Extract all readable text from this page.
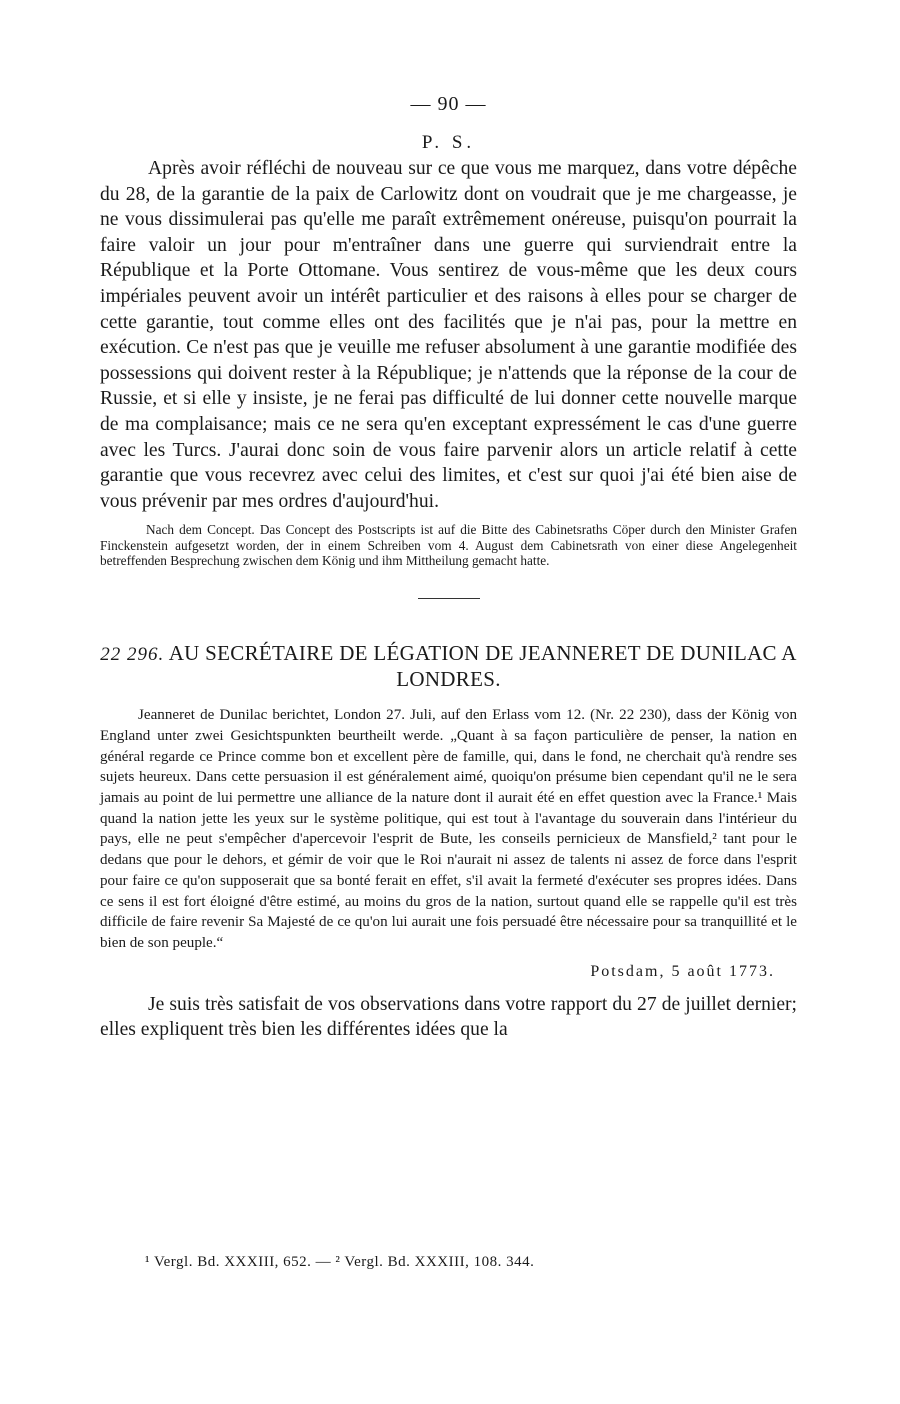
— 90 —
P. S.

Après avoir réfléchi de nouveau sur ce que vous me marquez, dans votre dépêche du 28, de la garantie de la paix de Carlowitz dont on voudrait que je me chargeasse, je ne vous dissimulerai pas qu'elle me paraît extrêmement onéreuse, puisqu'on pourrait la faire valoir un jour pour m'entraîner dans une guerre qui surviendrait entre la République et la Porte Ottomane. Vous sentirez de vous-même que les deux cours impériales peuvent avoir un intérêt particulier et des raisons à elles pour se charger de cette garantie, tout comme elles ont des facilités que je n'ai pas, pour la mettre en exécution. Ce n'est pas que je veuille me refuser absolument à une garantie modifiée des possessions qui doivent rester à la République; je n'attends que la réponse de la cour de Russie, et si elle y insiste, je ne ferai pas difficulté de lui donner cette nouvelle marque de ma complaisance; mais ce ne sera qu'en exceptant expressément le cas d'une guerre avec les Turcs. J'aurai donc soin de vous faire parvenir alors un article relatif à cette garantie que vous recevrez avec celui des limites, et c'est sur quoi j'ai été bien aise de vous prévenir par mes ordres d'aujourd'hui.

Nach dem Concept. Das Concept des Postscripts ist auf die Bitte des Cabinetsraths Cöper durch den Minister Grafen Finckenstein aufgesetzt worden, der in einem Schreiben vom 4. August dem Cabinetsrath von einer diese Angelegenheit betreffenden Besprechung zwischen dem König und ihm Mittheilung gemacht hatte.
22 296. AU SECRÉTAIRE DE LÉGATION DE JEANNERET DE DUNILAC A LONDRES.
Jeanneret de Dunilac berichtet, London 27. Juli, auf den Erlass vom 12. (Nr. 22 230), dass der König von England unter zwei Gesichtspunkten beurtheilt werde. „Quant à sa façon particulière de penser, la nation en général regarde ce Prince comme bon et excellent père de famille, qui, dans le fond, ne cherchait qu'à rendre ses sujets heureux. Dans cette persuasion il est généralement aimé, quoiqu'on présume bien cependant qu'il ne le sera jamais au point de lui permettre une alliance de la nature dont il aurait été en effet question avec la France.¹ Mais quand la nation jette les yeux sur le système politique, qui est tout à l'avantage du souverain dans l'intérieur du pays, elle ne peut s'empêcher d'apercevoir l'esprit de Bute, les conseils pernicieux de Mansfield,² tant pour le dedans que pour le dehors, et gémir de voir que le Roi n'aurait ni assez de talents ni assez de force dans l'esprit pour faire ce qu'on supposerait que sa bonté ferait en effet, s'il avait la fermeté d'exécuter ses propres idées. Dans ce sens il est fort éloigné d'être estimé, au moins du gros de la nation, surtout quand elle se rappelle qu'il est très difficile de faire revenir Sa Majesté de ce qu'on lui aurait une fois persuadé être nécessaire pour sa tranquillité et le bien de son peuple.“
Potsdam, 5 août 1773.
Je suis très satisfait de vos observations dans votre rapport du 27 de juillet dernier; elles expliquent très bien les différentes idées que la
¹ Vergl. Bd. XXXIII, 652. — ² Vergl. Bd. XXXIII, 108. 344.
